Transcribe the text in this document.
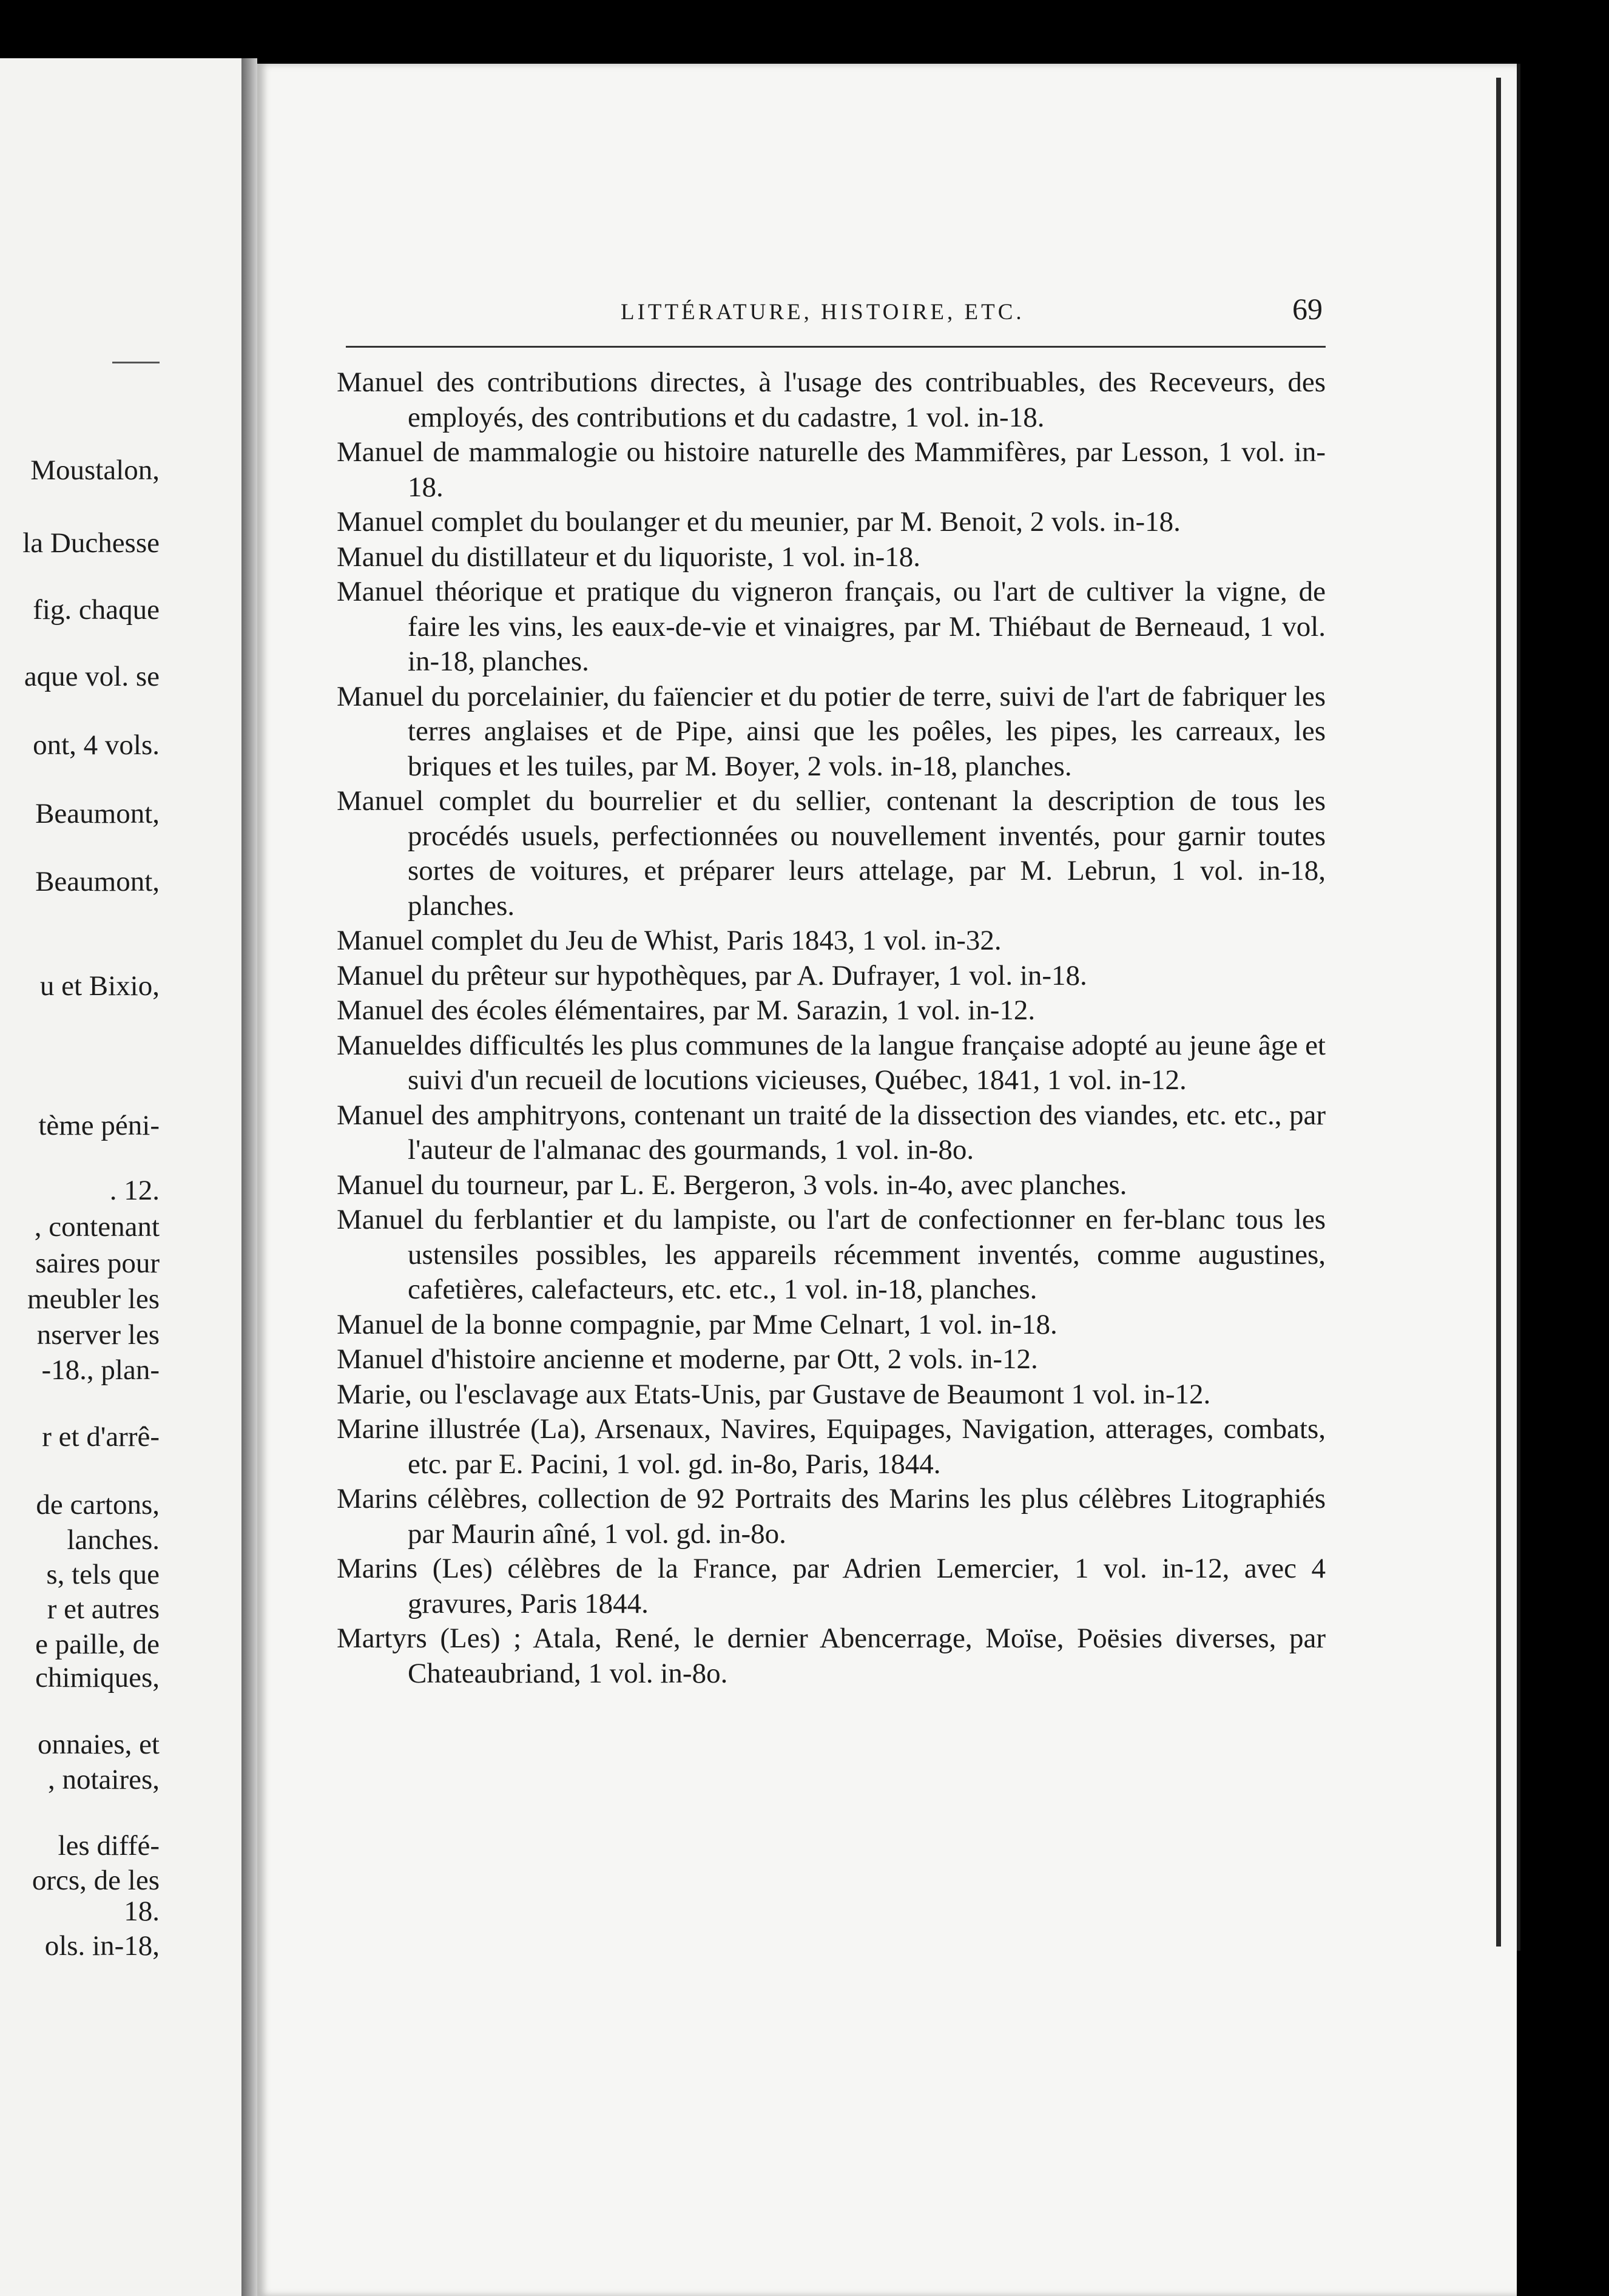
Moustalon,
la Duchesse
fig. chaque
aque vol. se
ont, 4 vols.
Beaumont,
Beaumont,
u et Bixio,
tème péni-
. 12.
, contenant
saires pour
meubler les
nserver les
-18., plan-
r et d'arrê-
de cartons,
lanches.
s, tels que
r et autres
e paille, de
chimiques,
onnaies, et
, notaires,
les diffé-
orcs, de les
18.
ols. in-18,
LITTÉRATURE, HISTOIRE, ETC.	69

Manuel des contributions directes, à l'usage des contribuables, des Receveurs, des employés, des contributions et du cadastre, 1 vol. in-18.

Manuel de mammalogie ou histoire naturelle des Mammifères, par Lesson, 1 vol. in-18.

Manuel complet du boulanger et du meunier, par M. Benoit, 2 vols. in-18.

Manuel du distillateur et du liquoriste, 1 vol. in-18.

Manuel théorique et pratique du vigneron français, ou l'art de cultiver la vigne, de faire les vins, les eaux-de-vie et vinaigres, par M. Thiébaut de Berneaud, 1 vol. in-18, planches.

Manuel du porcelainier, du faïencier et du potier de terre, suivi de l'art de fabriquer les terres anglaises et de Pipe, ainsi que les poêles, les pipes, les carreaux, les briques et les tuiles, par M. Boyer, 2 vols. in-18, planches.

Manuel complet du bourrelier et du sellier, contenant la description de tous les procédés usuels, perfectionnées ou nouvellement inventés, pour garnir toutes sortes de voitures, et préparer leurs attelage, par M. Lebrun, 1 vol. in-18, planches.

Manuel complet du Jeu de Whist, Paris 1843, 1 vol. in-32.

Manuel du prêteur sur hypothèques, par A. Dufrayer, 1 vol. in-18.

Manuel des écoles élémentaires, par M. Sarazin, 1 vol. in-12.

Manueldes difficultés les plus communes de la langue française adopté au jeune âge et suivi d'un recueil de locutions vicieuses, Québec, 1841, 1 vol. in-12.

Manuel des amphitryons, contenant un traité de la dissection des viandes, etc. etc., par l'auteur de l'almanac des gourmands, 1 vol. in-8o.

Manuel du tourneur, par L. E. Bergeron, 3 vols. in-4o, avec planches.

Manuel du ferblantier et du lampiste, ou l'art de confectionner en fer-blanc tous les ustensiles possibles, les appareils récemment inventés, comme augustines, cafetières, calefacteurs, etc. etc., 1 vol. in-18, planches.

Manuel de la bonne compagnie, par Mme Celnart, 1 vol. in-18.

Manuel d'histoire ancienne et moderne, par Ott, 2 vols. in-12.

Marie, ou l'esclavage aux Etats-Unis, par Gustave de Beaumont 1 vol. in-12.

Marine illustrée (La), Arsenaux, Navires, Equipages, Navigation, atterages, combats, etc. par E. Pacini, 1 vol. gd. in-8o, Paris, 1844.

Marins célèbres, collection de 92 Portraits des Marins les plus célèbres Litographiés par Maurin aîné, 1 vol. gd. in-8o.

Marins (Les) célèbres de la France, par Adrien Lemercier, 1 vol. in-12, avec 4 gravures, Paris 1844.

Martyrs (Les) ; Atala, René, le dernier Abencerrage, Moïse, Poësies diverses, par Chateaubriand, 1 vol. in-8o.
